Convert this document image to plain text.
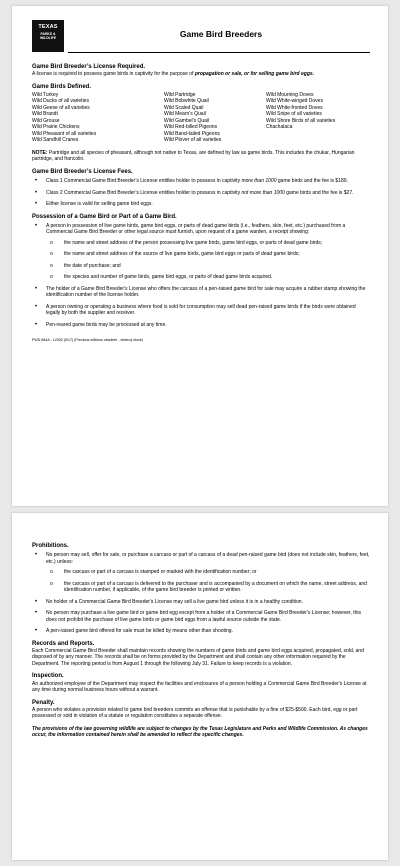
TEXAS
PARKS &
WILDLIFE	Game Bird Breeders
Game Bird Breeder’s License Required.

A license is required to possess game birds in captivity for the purpose of propagation or sale, or for selling game bird eggs.

Game Birds Defined.
Wild Turkey
Wild Ducks of all varieties
Wild Geese of all varieties
Wild Brandt
Wild Grouse
Wild Prairie Chickens
Wild Pheasant of all varieties
Wild Sandhill Cranes
Wild Partridge
Wild Bobwhite Quail
Wild Scaled Quail
Wild Mearn's Quail
Wild Gambel's Quail
Wild Red-billed Pigeons
Wild Band-tailed Pigeons
Wild Plover of all varieties
Wild Mourning Doves
Wild White-winged Doves
Wild White-fronted Doves
Wild Snipe of all varieties
Wild Shore Birds of all varieties
Chachalaca

NOTE: Partridge and all species of pheasant, although not native to Texas, are defined by law as game birds. This includes the chukar, Hungarian partridge, and francolin.

Game Bird Breeder’s License Fees.
• Class 1 Commercial Game Bird Breeder’s License entitles holder to possess in captivity more than 1000 game birds and the fee is $189.
• Class 2 Commercial Game Bird Breeder’s License entitles holder to possess in captivity not more than 1000 game birds and the fee is $27.
• Either license is valid for selling game bird eggs.
Possession of a Game Bird or Part of a Game Bird.
• A person in possession of live game birds, game bird eggs, or parts of dead game birds (i.e., feathers, skin, feet, etc.) purchased from a Commercial Game Bird Breeder or other legal source must furnish, upon request of a game warden, a receipt showing:
o the name and street address of the person possessing live game birds, game bird eggs, or parts of dead game birds;
o the name and street address of the source of live game birds, game bird eggs or parts of dead game birds;
o the date of purchase; and
o the species and number of game birds, game bird eggs, or parts of dead game birds acquired.
• The holder of a Game Bird Breeder's License who offers the carcass of a pen-raised game bird for sale may acquire a rubber stamp showing the identification number of the license holder.
• A person owning or operating a business where food is sold for consumption may sell dead pen-raised game birds if the birds were obtained legally by both the supplier and receiver.
• Pen-reared game birds may be processed at any time.
PWD 864A - L2000 (5/17) (Previous editions obsolete - destroy stock)
Prohibitions.
• No person may sell, offer for sale, or purchase a carcass or part of a carcass of a dead pen-raised game bird (does not include skin, feathers, feet, etc.) unless:
o the carcass or part of a carcass is stamped or marked with the identification number; or
o the carcass or part of a carcass is delivered to the purchaser and is accompanied by a document on which the name, street address, and identification number, if applicable, of the game bird breeder is printed or written.
• No holder of a Commercial Game Bird Breeder's License may sell a live game bird unless it is in a healthy condition.
• No person may purchase a live game bird or game bird egg except from a holder of a Commercial Game Bird Breeder's License; however, this does not prohibit the purchase of live game birds or game bird eggs from a lawful source outside the state.
• A pen-raised game bird offered for sale must be killed by means other than shooting.
Records and Reports.

Each Commercial Game Bird Breeder shall maintain records showing the numbers of game birds and game bird eggs acquired, propagated, sold, and disposed of by any manner. The records shall be on forms provided by the Department and shall contain any other information required by the Department. The reporting period is from August 1 through the following July 31. Failure to keep records is a violation.

Inspection.

An authorized employee of the Department may inspect the facilities and enclosures of a person holding a Commercial Game Bird Breeder's License at any time during normal business hours without a warrant.

Penalty.

A person who violates a provision related to game bird breeders commits an offense that is punishable by a fine of $25-$500. Each bird, egg or part possessed or sold in violation of a statute or regulation constitutes a separate offense.

The provisions of the law governing wildlife are subject to changes by the Texas Legislature and Parks and Wildlife Commission. As changes occur, the information contained herein shall be amended to reflect the specific changes.
